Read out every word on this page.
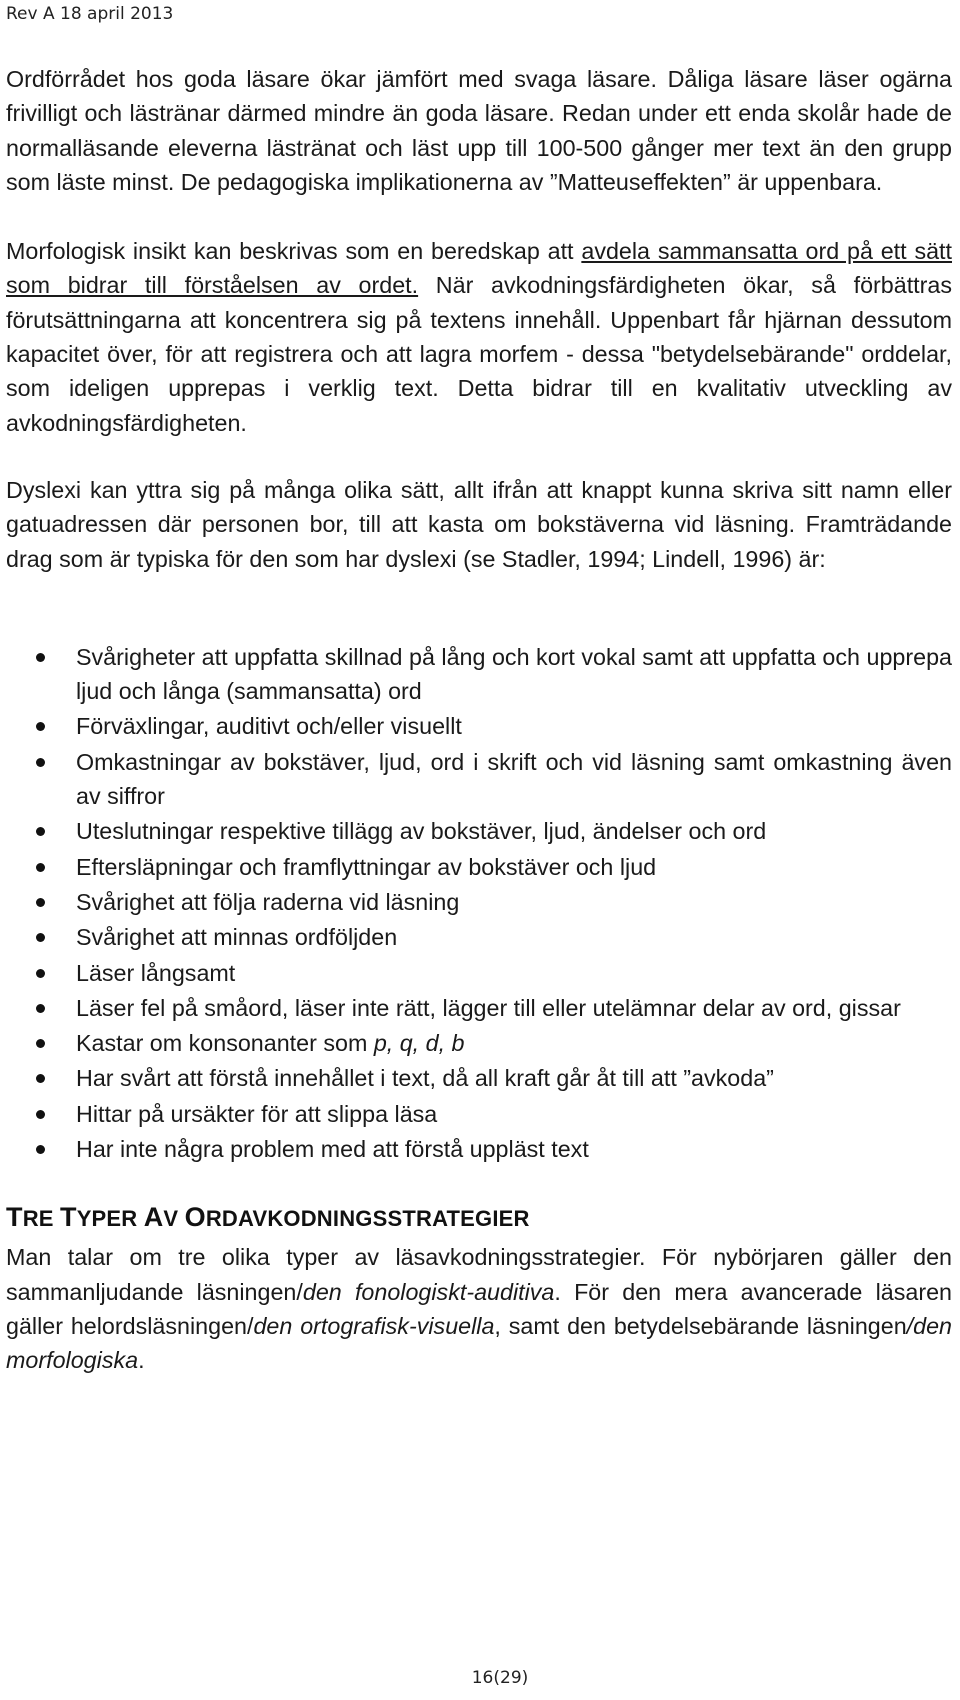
Rev A 18 april 2013

Ordförrådet hos goda läsare ökar jämfört med svaga läsare. Dåliga läsare läser ogärna frivilligt och lästränar därmed mindre än goda läsare. Redan under ett enda skolår hade de normalläsande eleverna lästränat och läst upp till 100-500 gånger mer text än den grupp som läste minst. De pedagogiska implikationerna av ”Matteuseffekten” är uppenbara.

Morfologisk insikt kan beskrivas som en beredskap att avdela sammansatta ord på ett sätt som bidrar till förståelsen av ordet. När avkodningsfärdigheten ökar, så förbättras förutsättningarna att koncentrera sig på textens innehåll. Uppenbart får hjärnan dessutom kapacitet över, för att registrera och att lagra morfem - dessa "betydelsebärande" orddelar, som ideligen upprepas i verklig text. Detta bidrar till en kvalitativ utveckling av avkodningsfärdigheten.

Dyslexi kan yttra sig på många olika sätt, allt ifrån att knappt kunna skriva sitt namn eller gatuadressen där personen bor, till att kasta om bokstäverna vid läsning. Framträdande drag som är typiska för den som har dyslexi (se Stadler, 1994; Lindell, 1996) är:

Svårigheter att uppfatta skillnad på lång och kort vokal samt att uppfatta och upprepa ljud och långa (sammansatta) ord
Förväxlingar, auditivt och/eller visuellt
Omkastningar av bokstäver, ljud, ord i skrift och vid läsning samt omkastning även av siffror
Uteslutningar respektive tillägg av bokstäver, ljud, ändelser och ord
Eftersläpningar och framflyttningar av bokstäver och ljud
Svårighet att följa raderna vid läsning
Svårighet att minnas ordföljden
Läser långsamt
Läser fel på småord, läser inte rätt, lägger till eller utelämnar delar av ord, gissar
Kastar om konsonanter som p, q, d, b
Har svårt att förstå innehållet i text, då all kraft går åt till att ”avkoda”
Hittar på ursäkter för att slippa läsa
Har inte några problem med att förstå uppläst text
TRE TYPER AV ORDAVKODNINGSSTRATEGIER

Man talar om tre olika typer av läsavkodningsstrategier. För nybörjaren gäller den sammanljudande läsningen/den fonologiskt-auditiva. För den mera avancerade läsaren gäller helordsläsningen/den ortografisk-visuella, samt den betydelsebärande läsningen/den morfologiska.

16(29)
